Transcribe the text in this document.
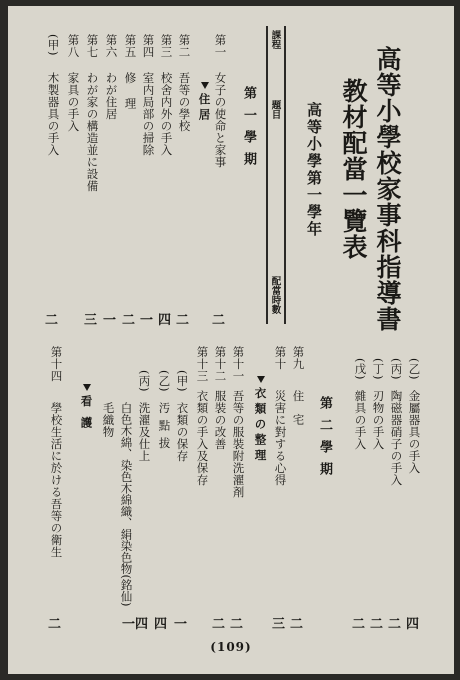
高等小學校家事科指導書
教材配當一覽表
高等小學第一學年
課程
題目
配當時數
第一學期
第一
女子の使命と家事
住居
第二
吾等の學校
第三
校舍内外の手入
第四
室内局部の掃除
第五
修理
第六
わが住居
第七
わが家の構造並に設備
第八
家具の手入
(甲)
木製器具の手入
二
二
四
一
二
一
三
二
(乙)
金屬器具の手入
(丙)
陶磁器硝子の手入
(丁)
刃物の手入
(戊)
雜具の手入
第二學期
第九
住宅
第十
災害に對する心得
衣類の整理
第十一
吾等の服裝附洗濯剤
第十二
服裝の改善
第十三
衣類の手入及保存
(甲)
衣類の保存
(乙)
汚點拔
(丙)
洗濯及仕上
白色木綿、染色木綿織、絹染色物(銘仙)
毛織物
看護
第十四
學校生活に於ける吾等の衛生
四
二
二
二
二
三
二
二
一
四
一四
二
(109)
